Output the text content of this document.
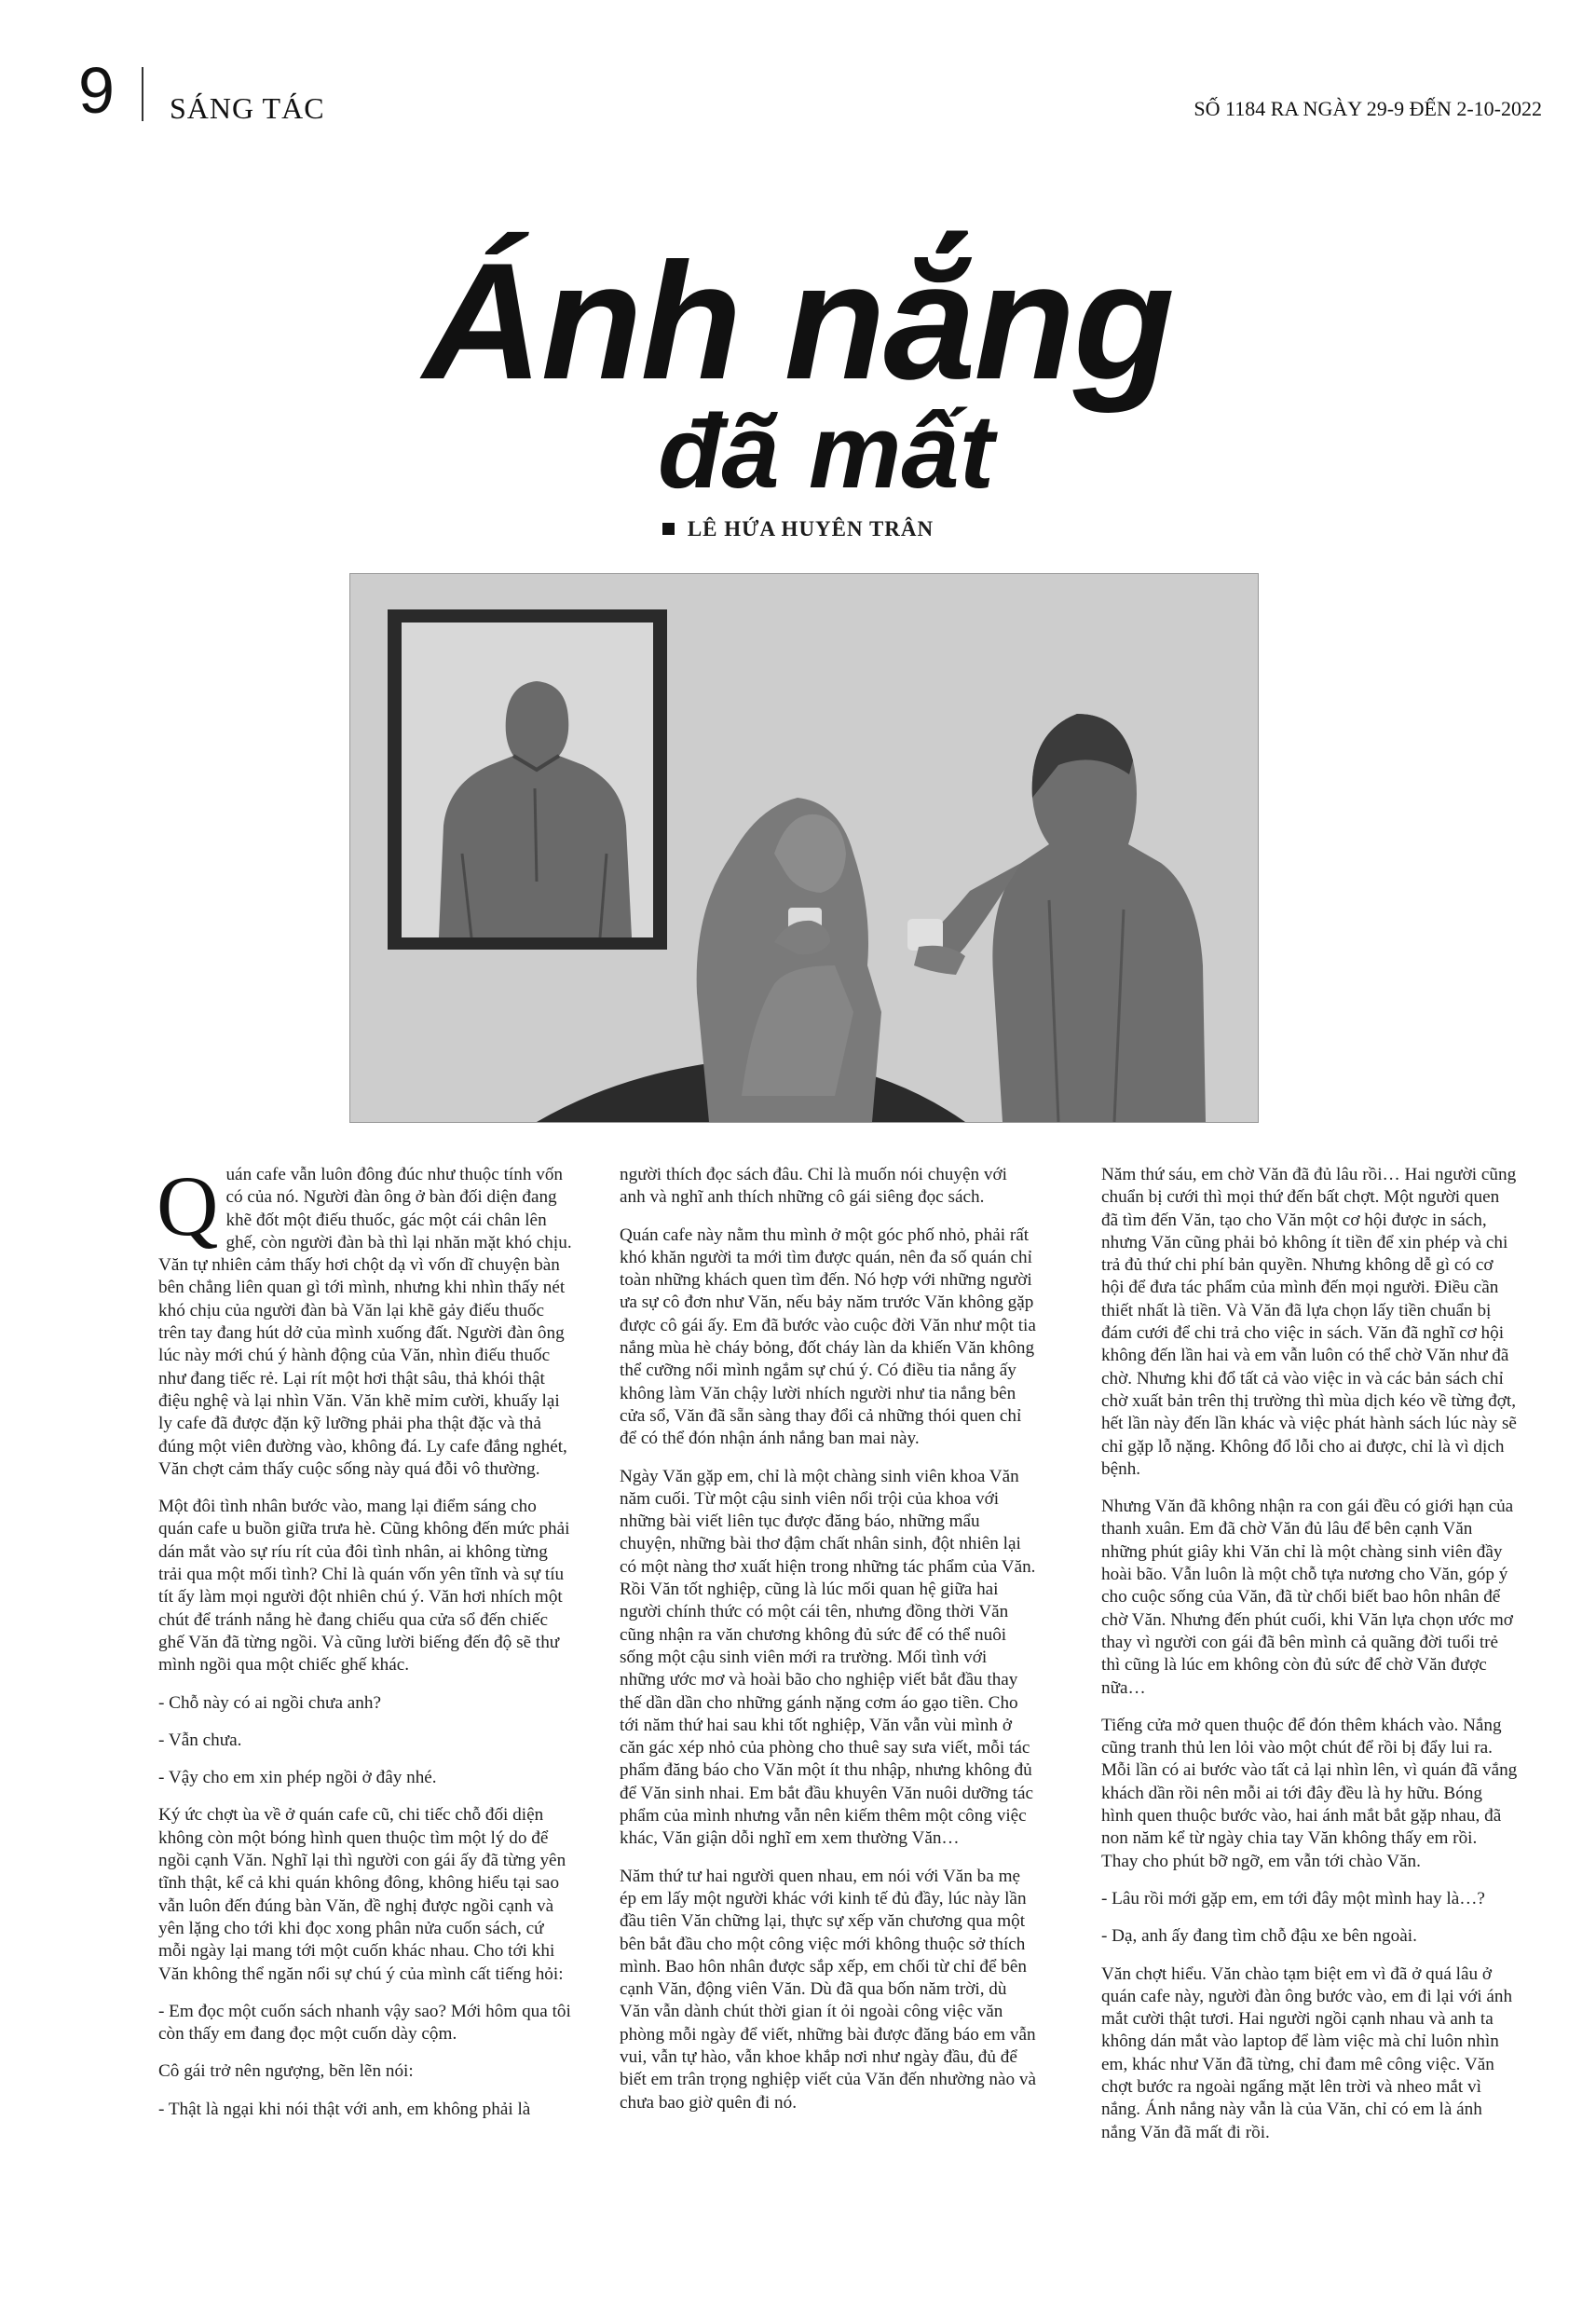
9 SÁNG TÁC	SỐ 1184 RA NGÀY 29-9 ĐẾN 2-10-2022
Ánh nắng
đã mất
LÊ HỨA HUYÊN TRÂN

Quán cafe vẫn luôn đông đúc như thuộc tính vốn có của nó. Người đàn ông ở bàn đối diện đang khẽ đốt một điếu thuốc, gác một cái chân lên ghế, còn người đàn bà thì lại nhăn mặt khó chịu. Văn tự nhiên cảm thấy hơi chột dạ vì vốn dĩ chuyện bàn bên chẳng liên quan gì tới mình, nhưng khi nhìn thấy nét khó chịu của người đàn bà Văn lại khẽ gảy điếu thuốc trên tay đang hút dở của mình xuống đất. Người đàn ông lúc này mới chú ý hành động của Văn, nhìn điếu thuốc như đang tiếc rẻ. Lại rít một hơi thật sâu, thả khói thật điệu nghệ và lại nhìn Văn. Văn khẽ mỉm cười, khuấy lại ly cafe đã được đặn kỹ lưỡng phải pha thật đặc và thả đúng một viên đường vào, không đá. Ly cafe đắng nghét, Văn chợt cảm thấy cuộc sống này quá đỗi vô thường.

Một đôi tình nhân bước vào, mang lại điểm sáng cho quán cafe u buồn giữa trưa hè. Cũng không đến mức phải dán mắt vào sự ríu rít của đôi tình nhân, ai không từng trải qua một mối tình? Chỉ là quán vốn yên tĩnh và sự tíu tít ấy làm mọi người đột nhiên chú ý. Văn hơi nhích một chút để tránh nắng hè đang chiếu qua cửa sổ đến chiếc ghế Văn đã từng ngồi. Và cũng lười biếng đến độ sẽ thư mình ngồi qua một chiếc ghế khác.

- Chỗ này có ai ngồi chưa anh?

- Vẫn chưa.

- Vậy cho em xin phép ngồi ở đây nhé.

Ký ức chợt ùa về ở quán cafe cũ, chi tiếc chỗ đối diện không còn một bóng hình quen thuộc tìm một lý do để ngồi cạnh Văn. Nghĩ lại thì người con gái ấy đã từng yên tĩnh thật, kể cả khi quán không đông, không hiểu tại sao vẫn luôn đến đúng bàn Văn, đề nghị được ngồi cạnh và yên lặng cho tới khi đọc xong phân nửa cuốn sách, cứ mỗi ngày lại mang tới một cuốn khác nhau. Cho tới khi Văn không thể ngăn nổi sự chú ý của mình cất tiếng hỏi:

- Em đọc một cuốn sách nhanh vậy sao? Mới hôm qua tôi còn thấy em đang đọc một cuốn dày cộm.

Cô gái trở nên ngượng, bẽn lẽn nói:

- Thật là ngại khi nói thật với anh, em không phải là

người thích đọc sách đâu. Chỉ là muốn nói chuyện với anh và nghĩ anh thích những cô gái siêng đọc sách.

Quán cafe này nằm thu mình ở một góc phố nhỏ, phải rất khó khăn người ta mới tìm được quán, nên đa số quán chỉ toàn những khách quen tìm đến. Nó hợp với những người ưa sự cô đơn như Văn, nếu bảy năm trước Văn không gặp được cô gái ấy. Em đã bước vào cuộc đời Văn như một tia nắng mùa hè cháy bỏng, đốt cháy làn da khiến Văn không thể cưỡng nổi mình ngắm sự chú ý. Có điều tia nắng ấy không làm Văn chậy lười nhích người như tia nắng bên cửa sổ, Văn đã sẵn sàng thay đổi cả những thói quen chỉ để có thể đón nhận ánh nắng ban mai này.

Ngày Văn gặp em, chỉ là một chàng sinh viên khoa Văn năm cuối. Từ một cậu sinh viên nổi trội của khoa với những bài viết liên tục được đăng báo, những mẩu chuyện, những bài thơ đậm chất nhân sinh, đột nhiên lại có một nàng thơ xuất hiện trong những tác phẩm của Văn. Rồi Văn tốt nghiệp, cũng là lúc mối quan hệ giữa hai người chính thức có một cái tên, nhưng đồng thời Văn cũng nhận ra văn chương không đủ sức để có thể nuôi sống một cậu sinh viên mới ra trường. Mối tình với những ước mơ và hoài bão cho nghiệp viết bắt đầu thay thế dần dần cho những gánh nặng cơm áo gạo tiền. Cho tới năm thứ hai sau khi tốt nghiệp, Văn vẫn vùi mình ở căn gác xép nhỏ của phòng cho thuê say sưa viết, mỗi tác phẩm đăng báo cho Văn một ít thu nhập, nhưng không đủ để Văn sinh nhai. Em bắt đầu khuyên Văn nuôi dưỡng tác phẩm của mình nhưng vẫn nên kiếm thêm một công việc khác, Văn giận dỗi nghĩ em xem thường Văn…

Năm thứ tư hai người quen nhau, em nói với Văn ba mẹ ép em lấy một người khác với kinh tế đủ đầy, lúc này lần đầu tiên Văn chững lại, thực sự xếp văn chương qua một bên bắt đầu cho một công việc mới không thuộc sở thích mình. Bao hôn nhân được sắp xếp, em chối từ chỉ để bên cạnh Văn, động viên Văn. Dù đã qua bốn năm trời, dù Văn vẫn dành chút thời gian ít ỏi ngoài công việc văn phòng mỗi ngày để viết, những bài được đăng báo em vẫn vui, vẫn tự hào, vẫn khoe khắp nơi như ngày đầu, đủ để biết em trân trọng nghiệp viết của Văn đến nhường nào và chưa bao giờ quên đi nó.

Năm thứ sáu, em chờ Văn đã đủ lâu rồi… Hai người cũng chuẩn bị cưới thì mọi thứ đến bất chợt. Một người quen đã tìm đến Văn, tạo cho Văn một cơ hội được in sách, nhưng Văn cũng phải bỏ không ít tiền để xin phép và chi trả đủ thứ chi phí bản quyền. Nhưng không dễ gì có cơ hội để đưa tác phẩm của mình đến mọi người. Điều cần thiết nhất là tiền. Và Văn đã lựa chọn lấy tiền chuẩn bị đám cưới để chi trả cho việc in sách. Văn đã nghĩ cơ hội không đến lần hai và em vẫn luôn có thể chờ Văn như đã chờ. Nhưng khi đổ tất cả vào việc in và các bản sách chỉ chờ xuất bản trên thị trường thì mùa dịch kéo về từng đợt, hết lần này đến lần khác và việc phát hành sách lúc này sẽ chỉ gặp lỗ nặng. Không đổ lỗi cho ai được, chỉ là vì dịch bệnh.

Nhưng Văn đã không nhận ra con gái đều có giới hạn của thanh xuân. Em đã chờ Văn đủ lâu để bên cạnh Văn những phút giây khi Văn chỉ là một chàng sinh viên đầy hoài bão. Vẫn luôn là một chỗ tựa nương cho Văn, góp ý cho cuộc sống của Văn, đã từ chối biết bao hôn nhân để chờ Văn. Nhưng đến phút cuối, khi Văn lựa chọn ước mơ thay vì người con gái đã bên mình cả quãng đời tuổi trẻ thì cũng là lúc em không còn đủ sức để chờ Văn được nữa…

Tiếng cửa mở quen thuộc để đón thêm khách vào. Nắng cũng tranh thủ len lỏi vào một chút để rồi bị đẩy lui ra. Mỗi lần có ai bước vào tất cả lại nhìn lên, vì quán đã vắng khách dần rồi nên mỗi ai tới đây đều là hy hữu. Bóng hình quen thuộc bước vào, hai ánh mắt bắt gặp nhau, đã non năm kể từ ngày chia tay Văn không thấy em rồi. Thay cho phút bỡ ngỡ, em vẫn tới chào Văn.

- Lâu rồi mới gặp em, em tới đây một mình hay là…?

- Dạ, anh ấy đang tìm chỗ đậu xe bên ngoài.

Văn chợt hiểu. Văn chào tạm biệt em vì đã ở quá lâu ở quán cafe này, người đàn ông bước vào, em đi lại với ánh mắt cười thật tươi. Hai người ngồi cạnh nhau và anh ta không dán mắt vào laptop để làm việc mà chỉ luôn nhìn em, khác như Văn đã từng, chỉ đam mê công việc. Văn chợt bước ra ngoài ngẩng mặt lên trời và nheo mắt vì nắng. Ánh nắng này vẫn là của Văn, chỉ có em là ánh nắng Văn đã mất đi rồi.
